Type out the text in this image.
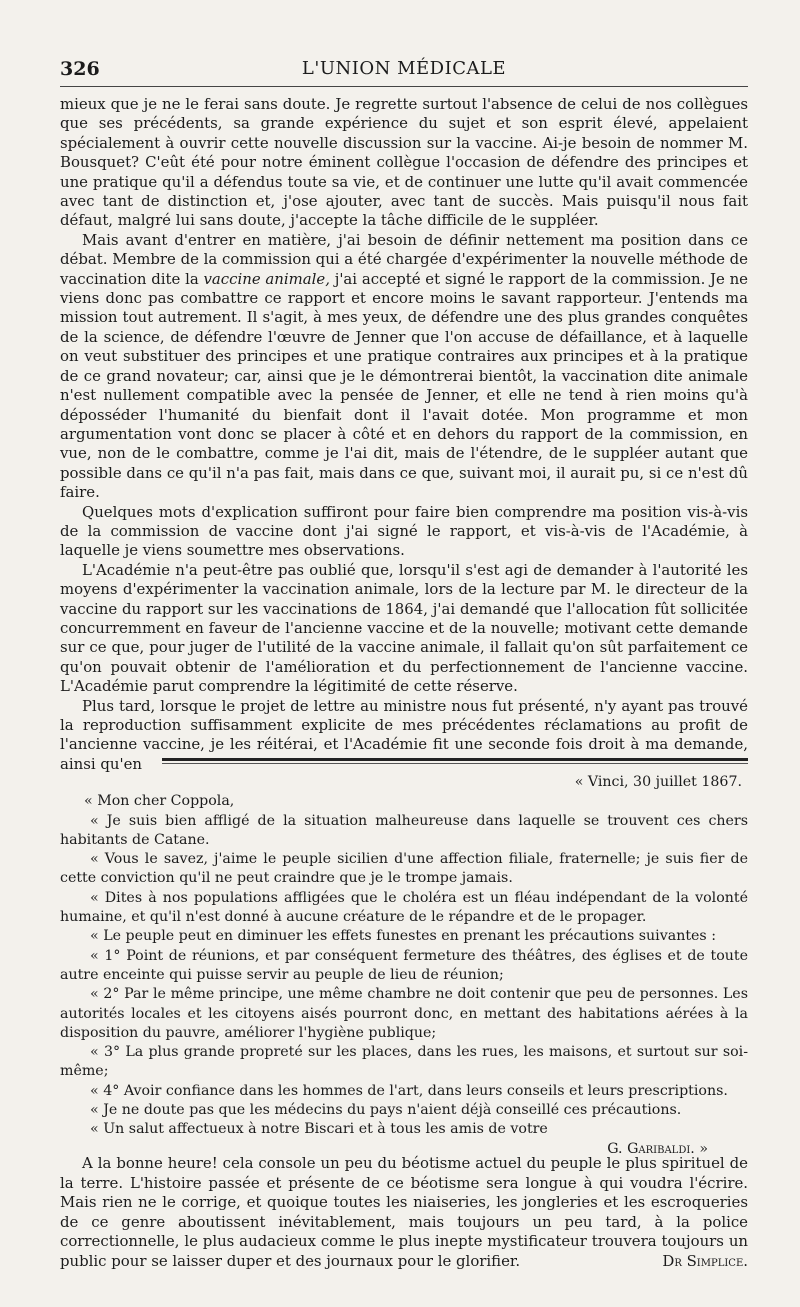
326	L'UNION MÉDICALE

mieux que je ne le ferai sans doute. Je regrette surtout l'absence de celui de nos collègues que ses précédents, sa grande expérience du sujet et son esprit élevé, appelaient spécialement à ouvrir cette nouvelle discussion sur la vaccine. Ai-je besoin de nommer M. Bousquet? C'eût été pour notre éminent collègue l'occasion de défendre des principes et une pratique qu'il a défendus toute sa vie, et de continuer une lutte qu'il avait commencée avec tant de distinction et, j'ose ajouter, avec tant de succès. Mais puisqu'il nous fait défaut, malgré lui sans doute, j'accepte la tâche difficile de le suppléer.

Mais avant d'entrer en matière, j'ai besoin de définir nettement ma position dans ce débat. Membre de la commission qui a été chargée d'expérimenter la nouvelle méthode de vaccination dite la vaccine animale, j'ai accepté et signé le rapport de la commission. Je ne viens donc pas combattre ce rapport et encore moins le savant rapporteur. J'entends ma mission tout autrement. Il s'agit, à mes yeux, de défendre une des plus grandes conquêtes de la science, de défendre l'œuvre de Jenner que l'on accuse de défaillance, et à laquelle on veut substituer des principes et une pratique contraires aux principes et à la pratique de ce grand novateur; car, ainsi que je le démontrerai bientôt, la vaccination dite animale n'est nullement compatible avec la pensée de Jenner, et elle ne tend à rien moins qu'à déposséder l'humanité du bienfait dont il l'avait dotée. Mon programme et mon argumentation vont donc se placer à côté et en dehors du rapport de la commission, en vue, non de le combattre, comme je l'ai dit, mais de l'étendre, de le suppléer autant que possible dans ce qu'il n'a pas fait, mais dans ce que, suivant moi, il aurait pu, si ce n'est dû faire.

Quelques mots d'explication suffiront pour faire bien comprendre ma position vis-à-vis de la commission de vaccine dont j'ai signé le rapport, et vis-à-vis de l'Académie, à laquelle je viens soumettre mes observations.

L'Académie n'a peut-être pas oublié que, lorsqu'il s'est agi de demander à l'autorité les moyens d'expérimenter la vaccination animale, lors de la lecture par M. le directeur de la vaccine du rapport sur les vaccinations de 1864, j'ai demandé que l'allocation fût sollicitée concurremment en faveur de l'ancienne vaccine et de la nouvelle; motivant cette demande sur ce que, pour juger de l'utilité de la vaccine animale, il fallait qu'on sût parfaitement ce qu'on pouvait obtenir de l'amélioration et du perfectionnement de l'ancienne vaccine. L'Académie parut comprendre la légitimité de cette réserve.

Plus tard, lorsque le projet de lettre au ministre nous fut présenté, n'y ayant pas trouvé la reproduction suffisamment explicite de mes précédentes réclamations au profit de l'ancienne vaccine, je les réitérai, et l'Académie fit une seconde fois droit à ma demande, ainsi qu'en

« Vinci, 30 juillet 1867.

« Mon cher Coppola,

« Je suis bien affligé de la situation malheureuse dans laquelle se trouvent ces chers habitants de Catane.

« Vous le savez, j'aime le peuple sicilien d'une affection filiale, fraternelle; je suis fier de cette conviction qu'il ne peut craindre que je le trompe jamais.

« Dites à nos populations affligées que le choléra est un fléau indépendant de la volonté humaine, et qu'il n'est donné à aucune créature de le répandre et de le propager.

« Le peuple peut en diminuer les effets funestes en prenant les précautions suivantes :

« 1° Point de réunions, et par conséquent fermeture des théâtres, des églises et de toute autre enceinte qui puisse servir au peuple de lieu de réunion;

« 2° Par le même principe, une même chambre ne doit contenir que peu de personnes. Les autorités locales et les citoyens aisés pourront donc, en mettant des habitations aérées à la disposition du pauvre, améliorer l'hygiène publique;

« 3° La plus grande propreté sur les places, dans les rues, les maisons, et surtout sur soi-même;

« 4° Avoir confiance dans les hommes de l'art, dans leurs conseils et leurs prescriptions.

« Je ne doute pas que les médecins du pays n'aient déjà conseillé ces précautions.

« Un salut affectueux à notre Biscari et à tous les amis de votre

G. Garibaldi. »

A la bonne heure! cela console un peu du béotisme actuel du peuple le plus spirituel de la terre. L'histoire passée et présente de ce béotisme sera longue à qui voudra l'écrire. Mais rien ne le corrige, et quoique toutes les niaiseries, les jongleries et les escroqueries de ce genre aboutissent inévitablement, mais toujours un peu tard, à la police correctionnelle, le plus audacieux comme le plus inepte mystificateur trouvera toujours un public pour se laisser duper et des journaux pour le glorifier.	Dr Simplice.
